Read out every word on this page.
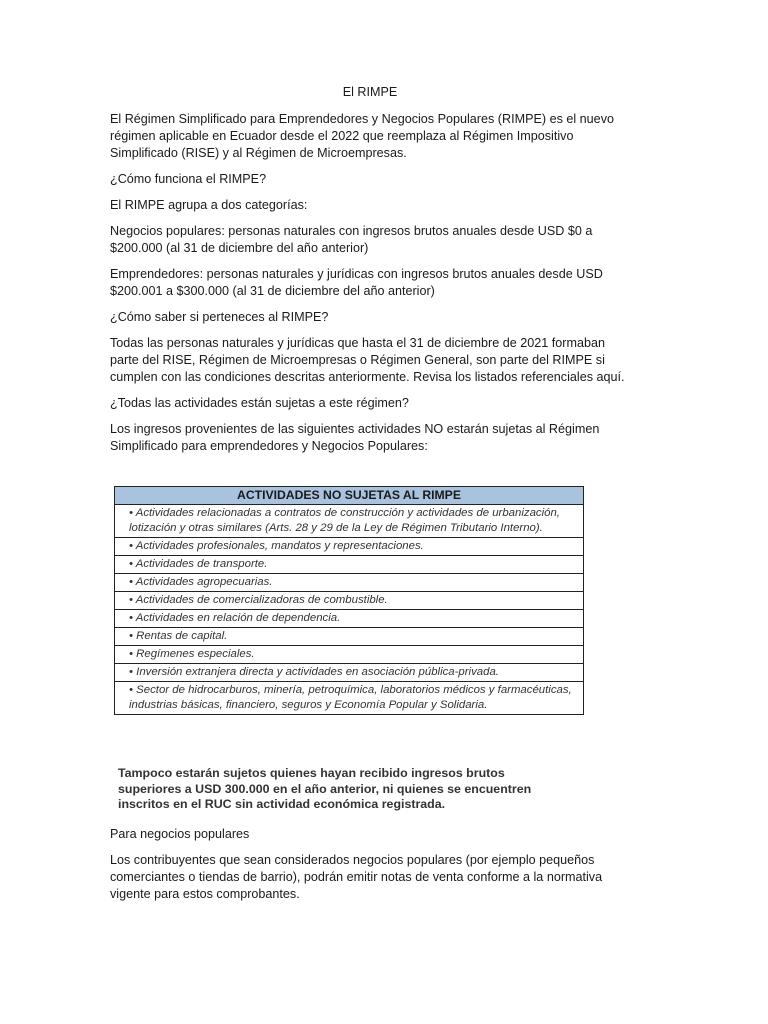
El RIMPE

El Régimen Simplificado para Emprendedores y Negocios Populares (RIMPE) es el nuevo régimen aplicable en Ecuador desde el 2022 que reemplaza al Régimen Impositivo Simplificado (RISE) y al Régimen de Microempresas.

¿Cómo funciona el RIMPE?

El RIMPE agrupa a dos categorías:

Negocios populares: personas naturales con ingresos brutos anuales desde USD $0 a $200.000 (al 31 de diciembre del año anterior)

Emprendedores: personas naturales y jurídicas con ingresos brutos anuales desde USD $200.001 a $300.000 (al 31 de diciembre del año anterior)

¿Cómo saber si perteneces al RIMPE?

Todas las personas naturales y jurídicas que hasta el 31 de diciembre de 2021 formaban parte del RISE, Régimen de Microempresas o Régimen General, son parte del RIMPE si cumplen con las condiciones descritas anteriormente. Revisa los listados referenciales aquí.

¿Todas las actividades están sujetas a este régimen?

Los ingresos provenientes de las siguientes actividades NO estarán sujetas al Régimen Simplificado para emprendedores y Negocios Populares:

ACTIVIDADES NO SUJETAS AL RIMPE
• Actividades relacionadas a contratos de construcción y actividades de urbanización, lotización y otras similares (Arts. 28 y 29 de la Ley de Régimen Tributario Interno).
• Actividades profesionales, mandatos y representaciones.
• Actividades de transporte.
• Actividades agropecuarias.
• Actividades de comercializadoras de combustible.
• Actividades en relación de dependencia.
• Rentas de capital.
• Regímenes especiales.
• Inversión extranjera directa y actividades en asociación pública-privada.
• Sector de hidrocarburos, minería, petroquímica, laboratorios médicos y farmacéuticas, industrias básicas, financiero, seguros y Economía Popular y Solidaria.
Tampoco estarán sujetos quienes hayan recibido ingresos brutos superiores a USD 300.000 en el año anterior, ni quienes se encuentren inscritos en el RUC sin actividad económica registrada.

Para negocios populares

Los contribuyentes que sean considerados negocios populares (por ejemplo pequeños comerciantes o tiendas de barrio), podrán emitir notas de venta conforme a la normativa vigente para estos comprobantes.
